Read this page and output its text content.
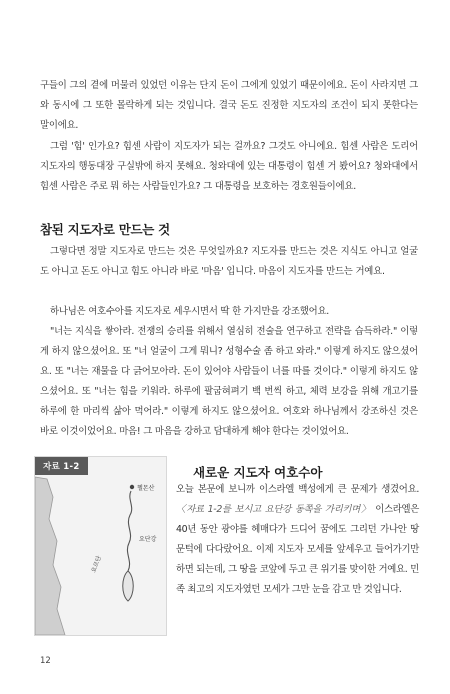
구들이 그의 곁에 머물러 있었던 이유는 단지 돈이 그에게 있었기 때문이에요. 돈이 사라지면 그와 동시에 그 또한 몰락하게 되는 것입니다. 결국 돈도 진정한 지도자의 조건이 되지 못한다는 말이에요.

그럼 '힘' 인가요? 힘센 사람이 지도자가 되는 걸까요? 그것도 아니에요. 힘센 사람은 도리어 지도자의 행동대장 구실밖에 하지 못해요. 청와대에 있는 대통령이 힘센 거 봤어요? 청와대에서 힘센 사람은 주로 뭐 하는 사람들인가요? 그 대통령을 보호하는 경호원들이에요.

참된 지도자로 만드는 것

그렇다면 정말 지도자로 만드는 것은 무엇일까요? 지도자를 만드는 것은 지식도 아니고 얼굴도 아니고 돈도 아니고 힘도 아니라 바로 '마음' 입니다. 마음이 지도자를 만드는 거예요.

하나님은 여호수아를 지도자로 세우시면서 딱 한 가지만을 강조했어요.

"너는 지식을 쌓아라. 전쟁의 승리를 위해서 열심히 전술을 연구하고 전략을 습득하라." 이렇게 하지 않으셨어요. 또 "너 얼굴이 그게 뭐니? 성형수술 좀 하고 와라." 이렇게 하지도 않으셨어요. 또 "너는 재물을 다 긁어모아라. 돈이 있어야 사람들이 너를 따를 것이다." 이렇게 하지도 않으셨어요. 또 "너는 힘을 키워라. 하루에 팔굽혀펴기 백 번씩 하고, 체력 보강을 위해 개고기를 하루에 한 마리씩 삶아 먹어라." 이렇게 하지도 않으셨어요. 여호와 하나님께서 강조하신 것은 바로 이것이었어요. 마음! 그 마음을 강하고 담대하게 해야 한다는 것이었어요.

헬몬산
요단강
요르단
자료 1-2	새로운 지도자 여호수아

오늘 본문에 보니까 이스라엘 백성에게 큰 문제가 생겼어요. 〈자료 1-2를 보시고 요단강 동쪽을 가리키며〉 이스라엘은 40년 동안 광야를 헤매다가 드디어 꿈에도 그리던 가나안 땅 문턱에 다다랐어요. 이제 지도자 모세를 앞세우고 들어가기만 하면 되는데, 그 땅을 코앞에 두고 큰 위기를 맞이한 거예요. 민족 최고의 지도자였던 모세가 그만 눈을 감고 만 것입니다.

12
